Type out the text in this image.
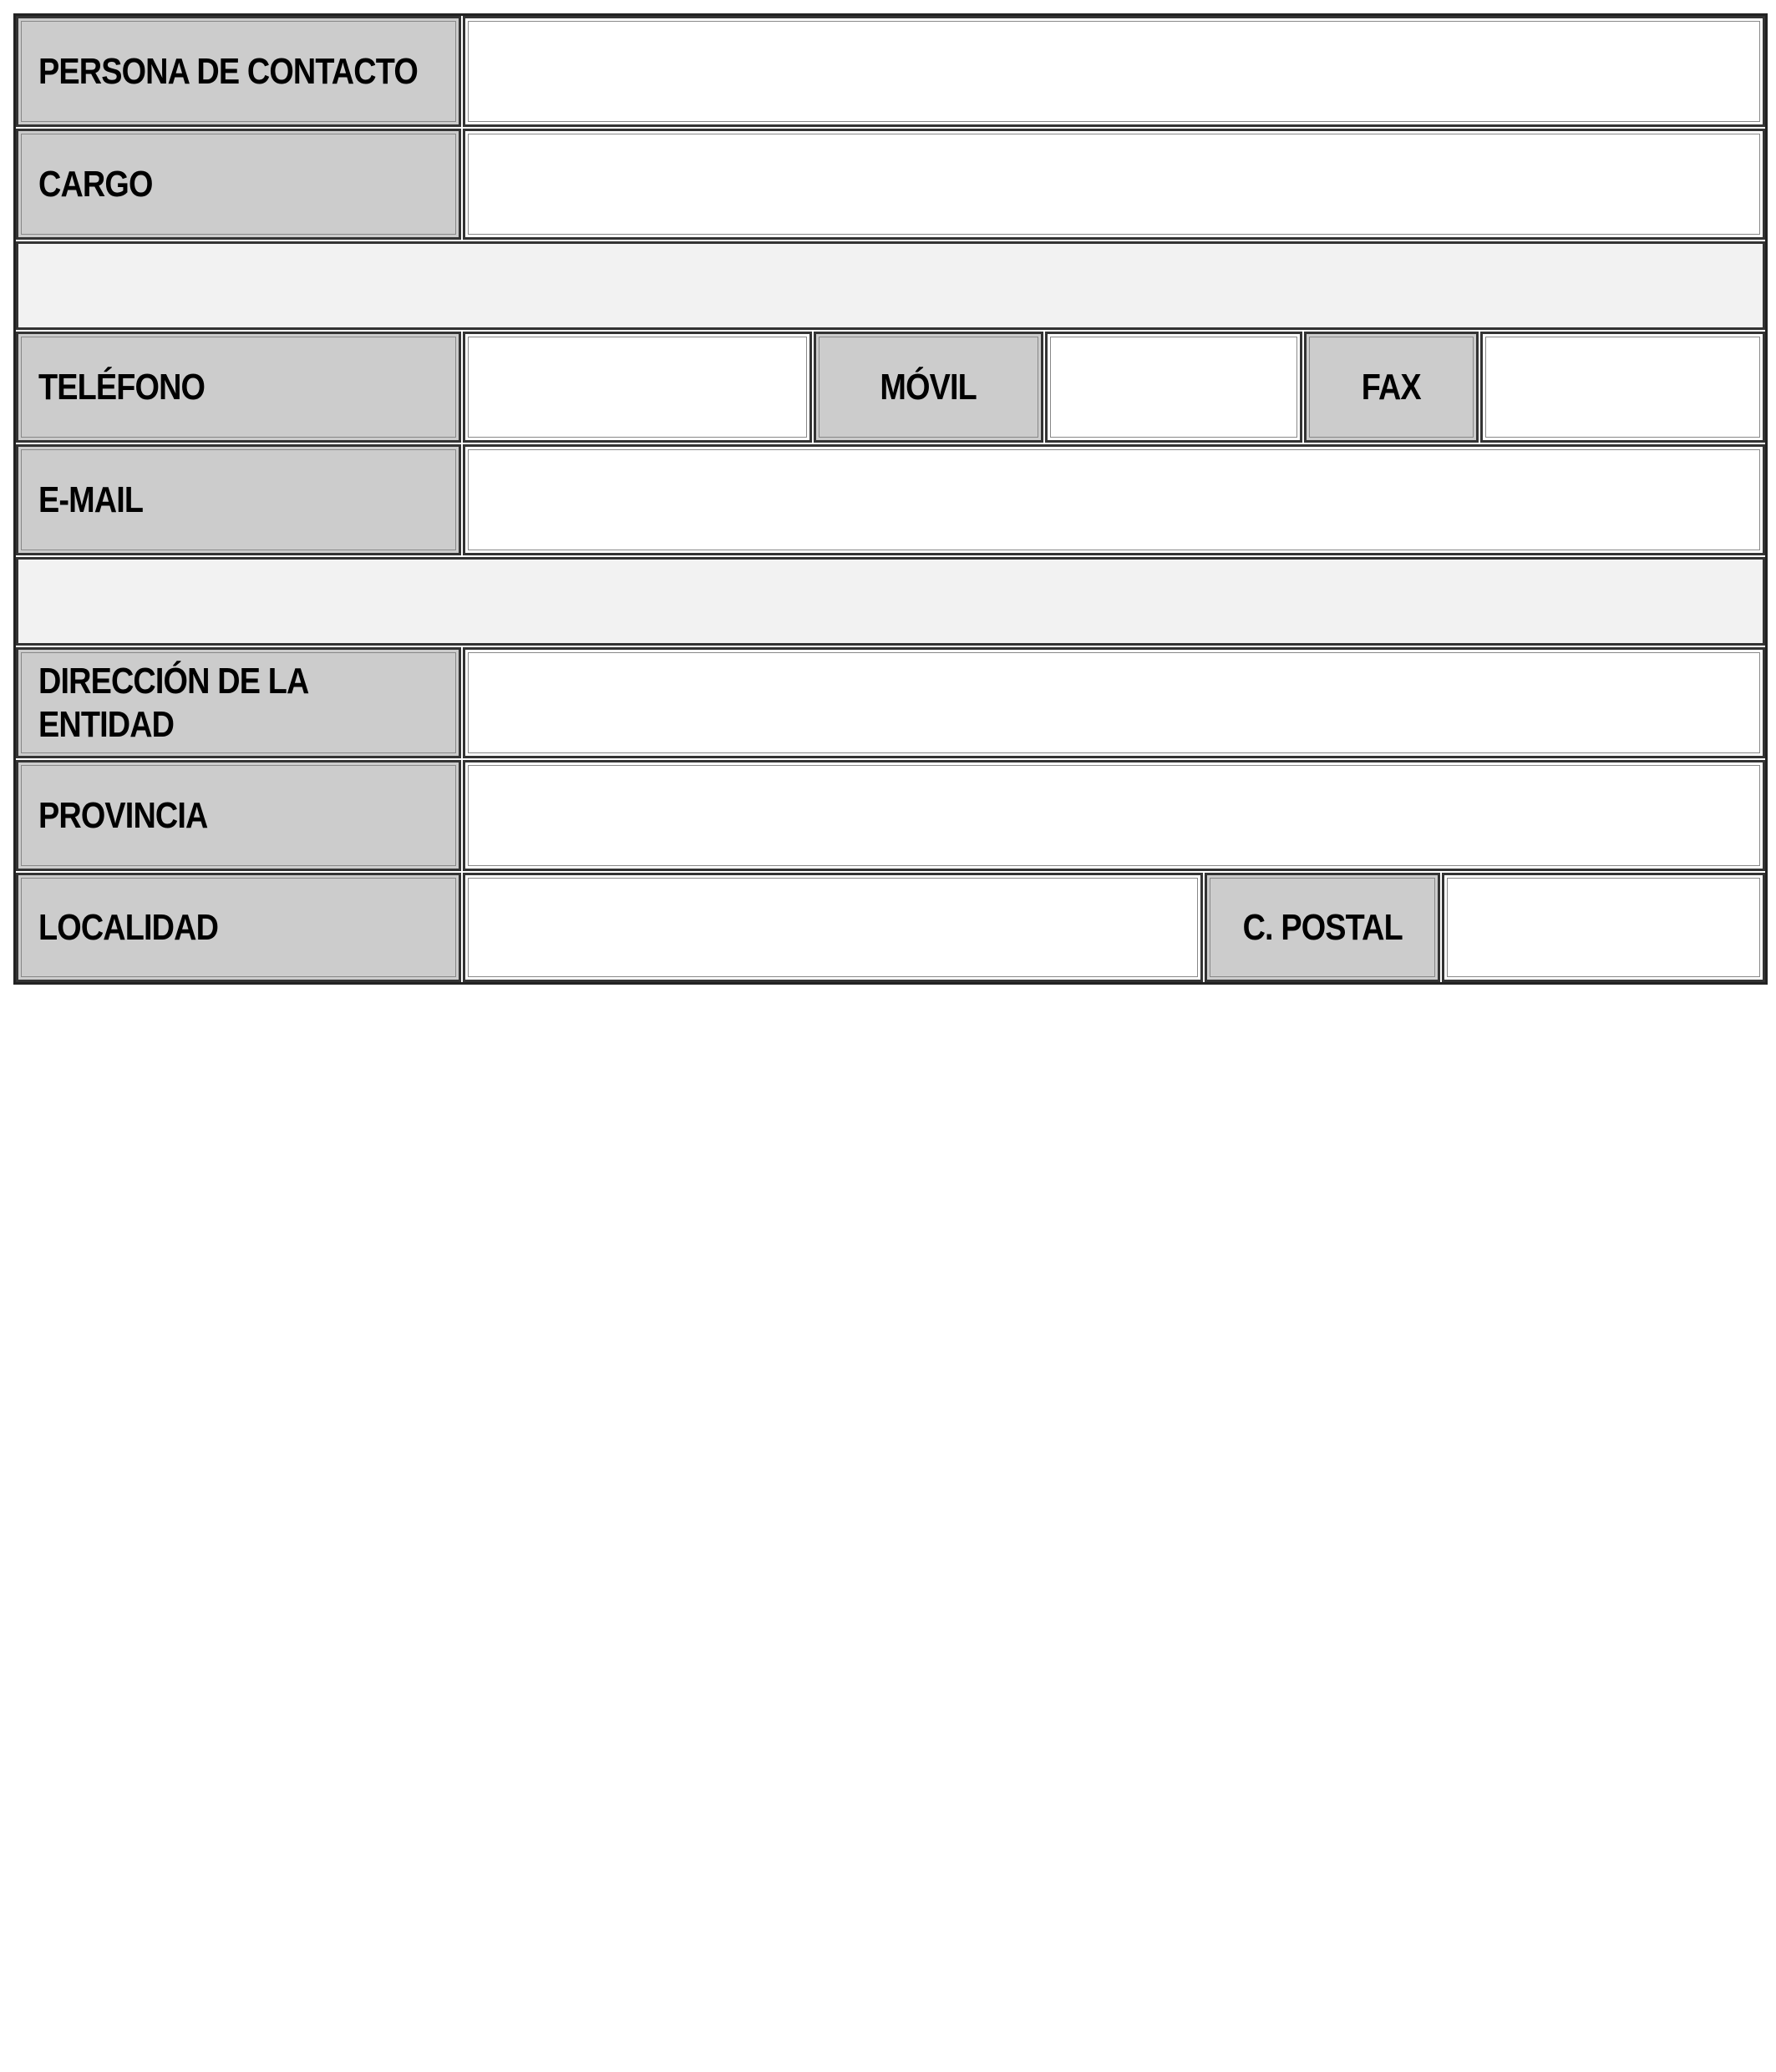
PERSONA DE CONTACTO
CARGO
TELÉFONO	MÓVIL	FAX
E-MAIL
DIRECCIÓN DE LA
ENTIDAD
PROVINCIA
LOCALIDAD	C. POSTAL
